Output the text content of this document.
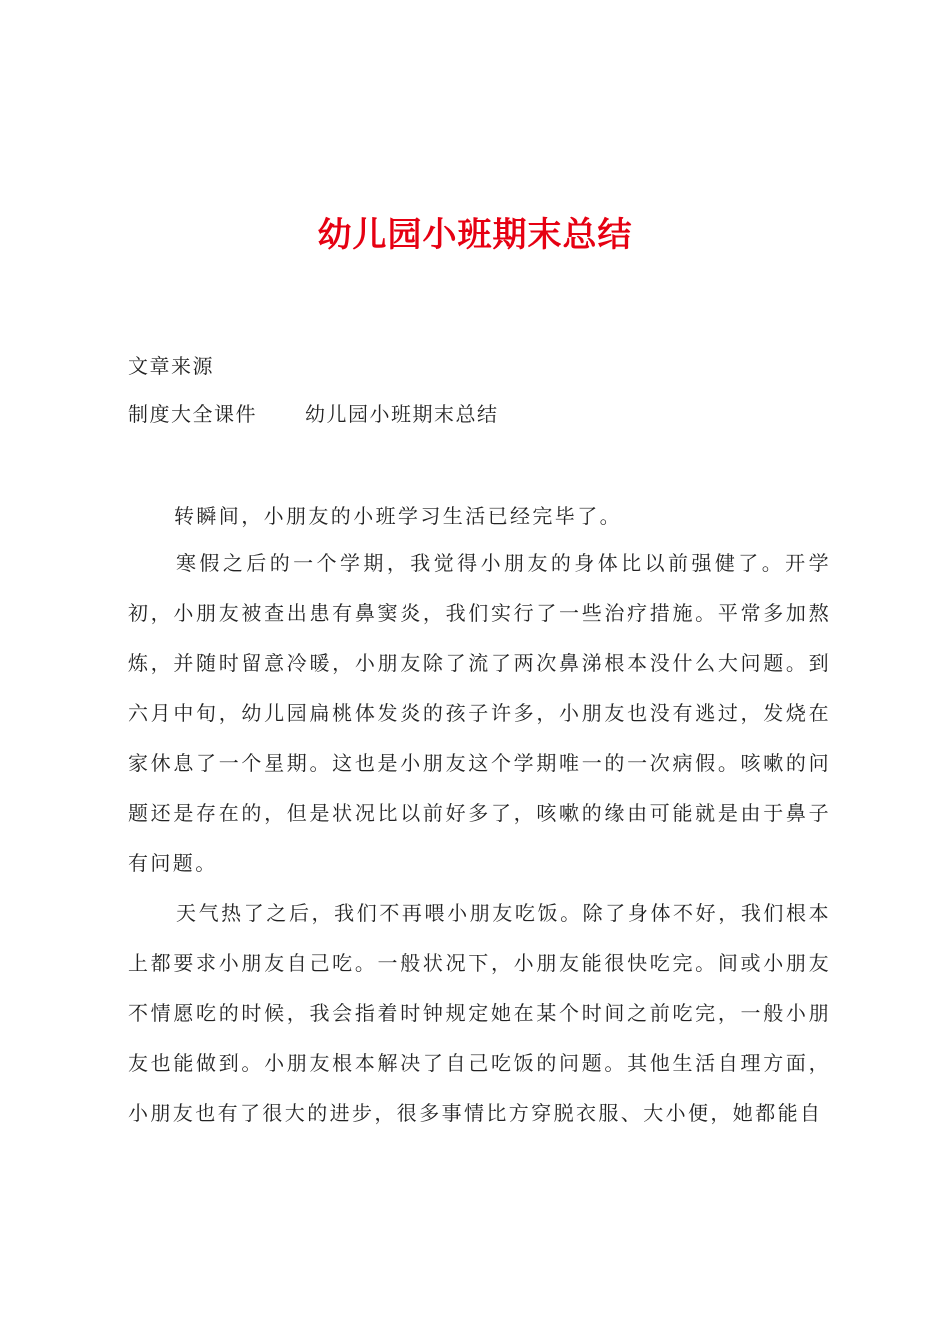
幼儿园小班期末总结
文章来源
制度大全课件 幼儿园小班期末总结

转瞬间，小朋友的小班学习生活已经完毕了。

寒假之后的一个学期，我觉得小朋友的身体比以前强健了。开学初，小朋友被查出患有鼻窦炎，我们实行了一些治疗措施。平常多加熬炼，并随时留意冷暖，小朋友除了流了两次鼻涕根本没什么大问题。到六月中旬，幼儿园扁桃体发炎的孩子许多，小朋友也没有逃过，发烧在家休息了一个星期。这也是小朋友这个学期唯一的一次病假。咳嗽的问题还是存在的，但是状况比以前好多了，咳嗽的缘由可能就是由于鼻子有问题。

天气热了之后，我们不再喂小朋友吃饭。除了身体不好，我们根本上都要求小朋友自己吃。一般状况下，小朋友能很快吃完。间或小朋友不情愿吃的时候，我会指着时钟规定她在某个时间之前吃完，一般小朋友也能做到。小朋友根本解决了自己吃饭的问题。其他生活自理方面，小朋友也有了很大的进步，很多事情比方穿脱衣服、大小便，她都能自
